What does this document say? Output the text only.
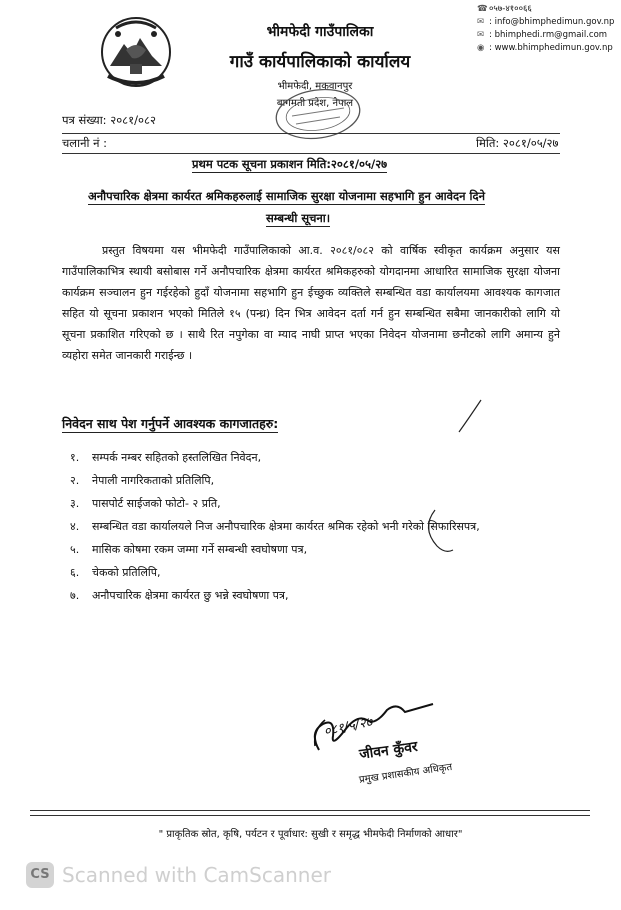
भीमफेदी गाउँपालिका
गाउँ कार्यपालिकाको कार्यालय
भीमफेदी, मकवानपुर
बागमती प्रदेश, नेपाल
☎०५७-४१००६६
✉ : info@bhimphedimun.gov.np
✉ : bhimphedi.rm@gmail.com
◉ : www.bhimphedimun.gov.np
पत्र संख्या: २०८१/०८२
चलानी नं :	मिति: २०८१/०५/२७
प्रथम पटक सूचना प्रकाशन मिति:२०८१/०५/२७
अनौपचारिक क्षेत्रमा कार्यरत श्रमिकहरुलाई सामाजिक सुरक्षा योजनामा सहभागि हुन आवेदन दिने
सम्बन्धी सूचना।
प्रस्तुत विषयमा यस भीमफेदी गाउँपालिकाको आ.व. २०८१/०८२ को वार्षिक स्वीकृत कार्यक्रम अनुसार यस गाउँपालिकाभित्र स्थायी बसोबास गर्ने अनौपचारिक क्षेत्रमा कार्यरत श्रमिकहरुको योगदानमा आधारित सामाजिक सुरक्षा योजना कार्यक्रम सञ्चालन हुन गईरहेको हुदाँ योजनामा सहभागि हुन ईच्छुक व्यक्तिले सम्बन्धित वडा कार्यालयमा आवश्यक कागजात सहित यो सूचना प्रकाशन भएको मितिले १५ (पन्ध्र) दिन भित्र आवेदन दर्ता गर्न हुन सम्बन्धित सबैमा जानकारीको लागि यो सूचना प्रकाशित गरिएको छ । साथै रित नपुगेका वा म्याद नाघी प्राप्त भएका निवेदन योजनामा छनौटको लागि अमान्य हुने व्यहोरा समेत जानकारी गराईन्छ ।
निवेदन साथ पेश गर्नुपर्ने आवश्यक कागजातहरु:
१. सम्पर्क नम्बर सहितको हस्तलिखित निवेदन,
२. नेपाली नागरिकताको प्रतिलिपि,
३. पासपोर्ट साईजको फोटो- २ प्रति,
४. सम्बन्धित वडा कार्यालयले निज अनौपचारिक क्षेत्रमा कार्यरत श्रमिक रहेको भनी गरेको सिफारिसपत्र,
५. मासिक कोषमा रकम जम्मा गर्ने सम्बन्धी स्वघोषणा पत्र,
६. चेकको प्रतिलिपि,
७. अनौपचारिक क्षेत्रमा कार्यरत छु भन्ने स्वघोषणा पत्र,
०८१/५/२७
जीवन कुँवर
प्रमुख प्रशासकीय अधिकृत
" प्राकृतिक स्रोत, कृषि, पर्यटन र पूर्वाधार: सुखी र समृद्ध भीमफेदी निर्माणको आधार"
CS Scanned with CamScanner
